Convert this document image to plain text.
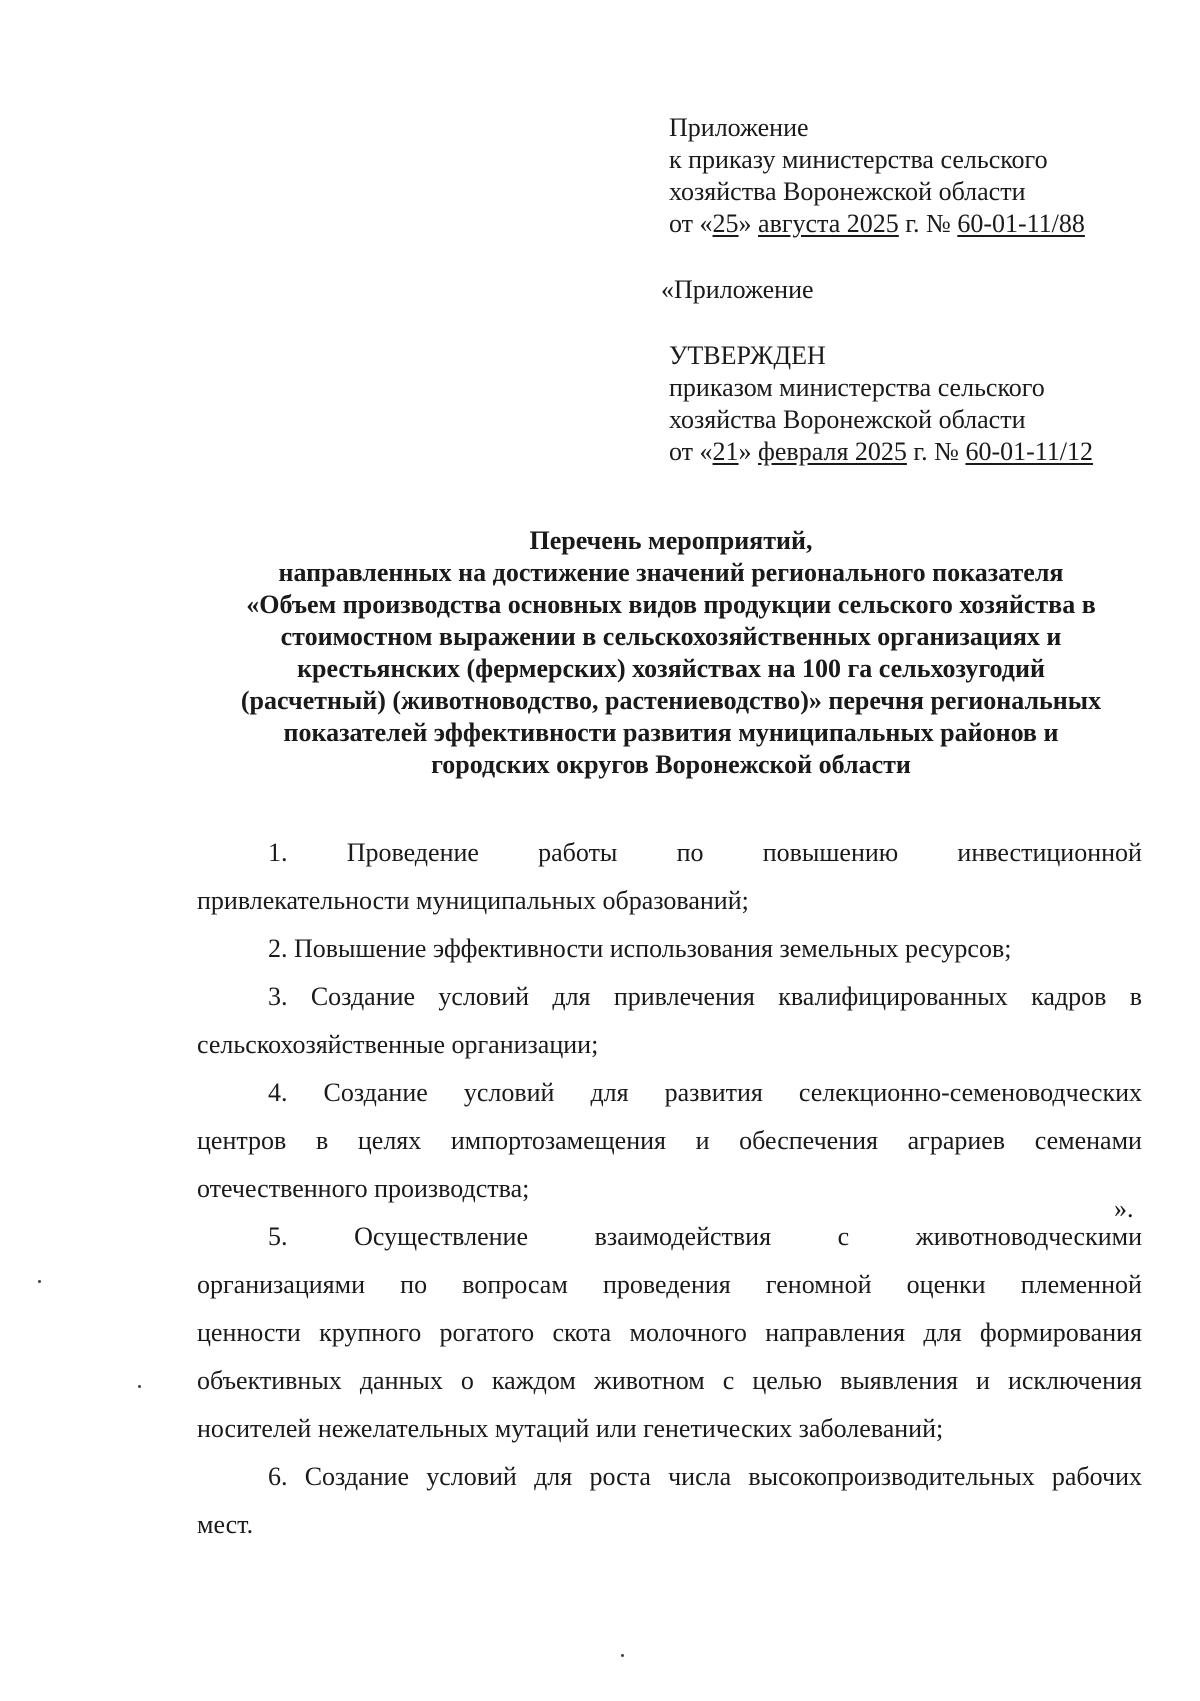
Приложение
к приказу министерства сельского
хозяйства Воронежской области
от «25» августа 2025 г. № 60-01-11/88
«Приложение
УТВЕРЖДЕН
приказом министерства сельского
хозяйства Воронежской области
от «21» февраля 2025 г. № 60-01-11/12
Перечень мероприятий,
направленных на достижение значений регионального показателя
«Объем производства основных видов продукции сельского хозяйства в
стоимостном выражении в сельскохозяйственных организациях и
крестьянских (фермерских) хозяйствах на 100 га сельхозугодий
(расчетный) (животноводство, растениеводство)» перечня региональных
показателей эффективности развития муниципальных районов и
городских округов Воронежской области
1. Проведение работы по повышению инвестиционной
привлекательности муниципальных образований;
2. Повышение эффективности использования земельных ресурсов;
3. Создание условий для привлечения квалифицированных кадров в
сельскохозяйственные организации;
4. Создание условий для развития селекционно-семеноводческих
центров в целях импортозамещения и обеспечения аграриев семенами
отечественного производства;
5.	Осуществление	взаимодействия	с	животноводческими
организациями по вопросам проведения геномной оценки племенной
ценности крупного рогатого скота молочного направления для формирования
объективных данных о каждом животном с целью выявления и исключения
носителей нежелательных мутаций или генетических заболеваний;
6. Создание условий для роста числа высокопроизводительных рабочих
мест.
».
